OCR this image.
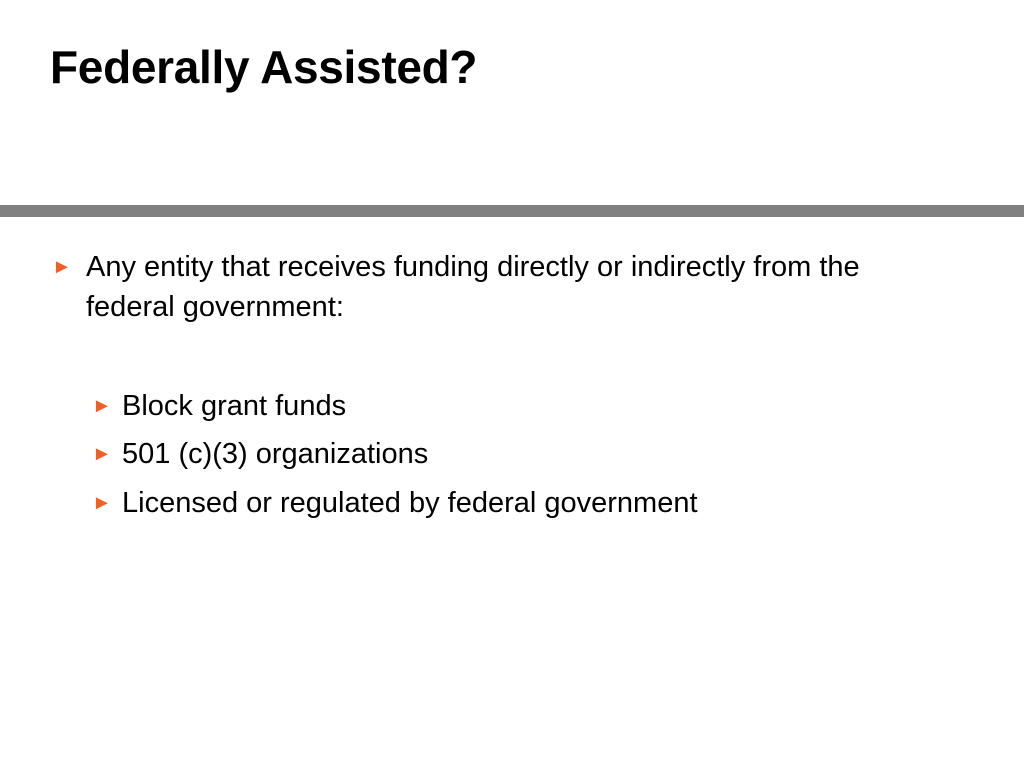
Federally Assisted?
► Any entity that receives funding directly or indirectly from the federal government:
► Block grant funds
► 501 (c)(3) organizations
► Licensed or regulated by federal government
